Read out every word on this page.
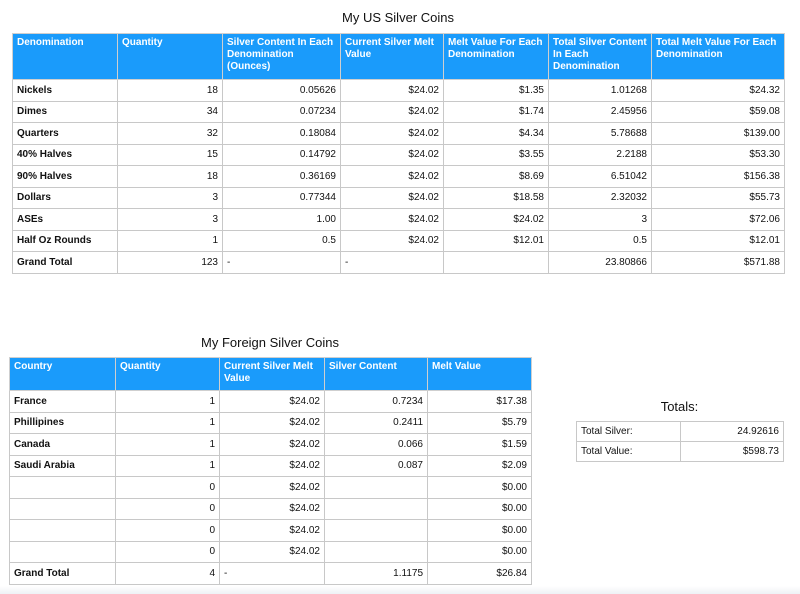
My US Silver Coins
Denomination	Quantity	Silver Content In Each Denomination (Ounces)	Current Silver Melt Value	Melt Value For Each Denomination	Total Silver Content In Each Denomination	Total Melt Value For Each Denomination
Nickels	18	0.05626	$24.02	$1.35	1.01268	$24.32
Dimes	34	0.07234	$24.02	$1.74	2.45956	$59.08
Quarters	32	0.18084	$24.02	$4.34	5.78688	$139.00
40% Halves	15	0.14792	$24.02	$3.55	2.2188	$53.30
90% Halves	18	0.36169	$24.02	$8.69	6.51042	$156.38
Dollars	3	0.77344	$24.02	$18.58	2.32032	$55.73
ASEs	3	1.00	$24.02	$24.02	3	$72.06
Half Oz Rounds	1	0.5	$24.02	$12.01	0.5	$12.01
Grand Total	123	-	-		23.80866	$571.88
My Foreign Silver Coins
Country	Quantity	Current Silver Melt Value	Silver Content	Melt Value
France	1	$24.02	0.7234	$17.38
Phillipines	1	$24.02	0.2411	$5.79
Canada	1	$24.02	0.066	$1.59
Saudi Arabia	1	$24.02	0.087	$2.09
	0	$24.02		$0.00
	0	$24.02		$0.00
	0	$24.02		$0.00
	0	$24.02		$0.00
Grand Total	4	-	1.1175	$26.84
Totals:
Total Silver:	24.92616
Total Value:	$598.73
